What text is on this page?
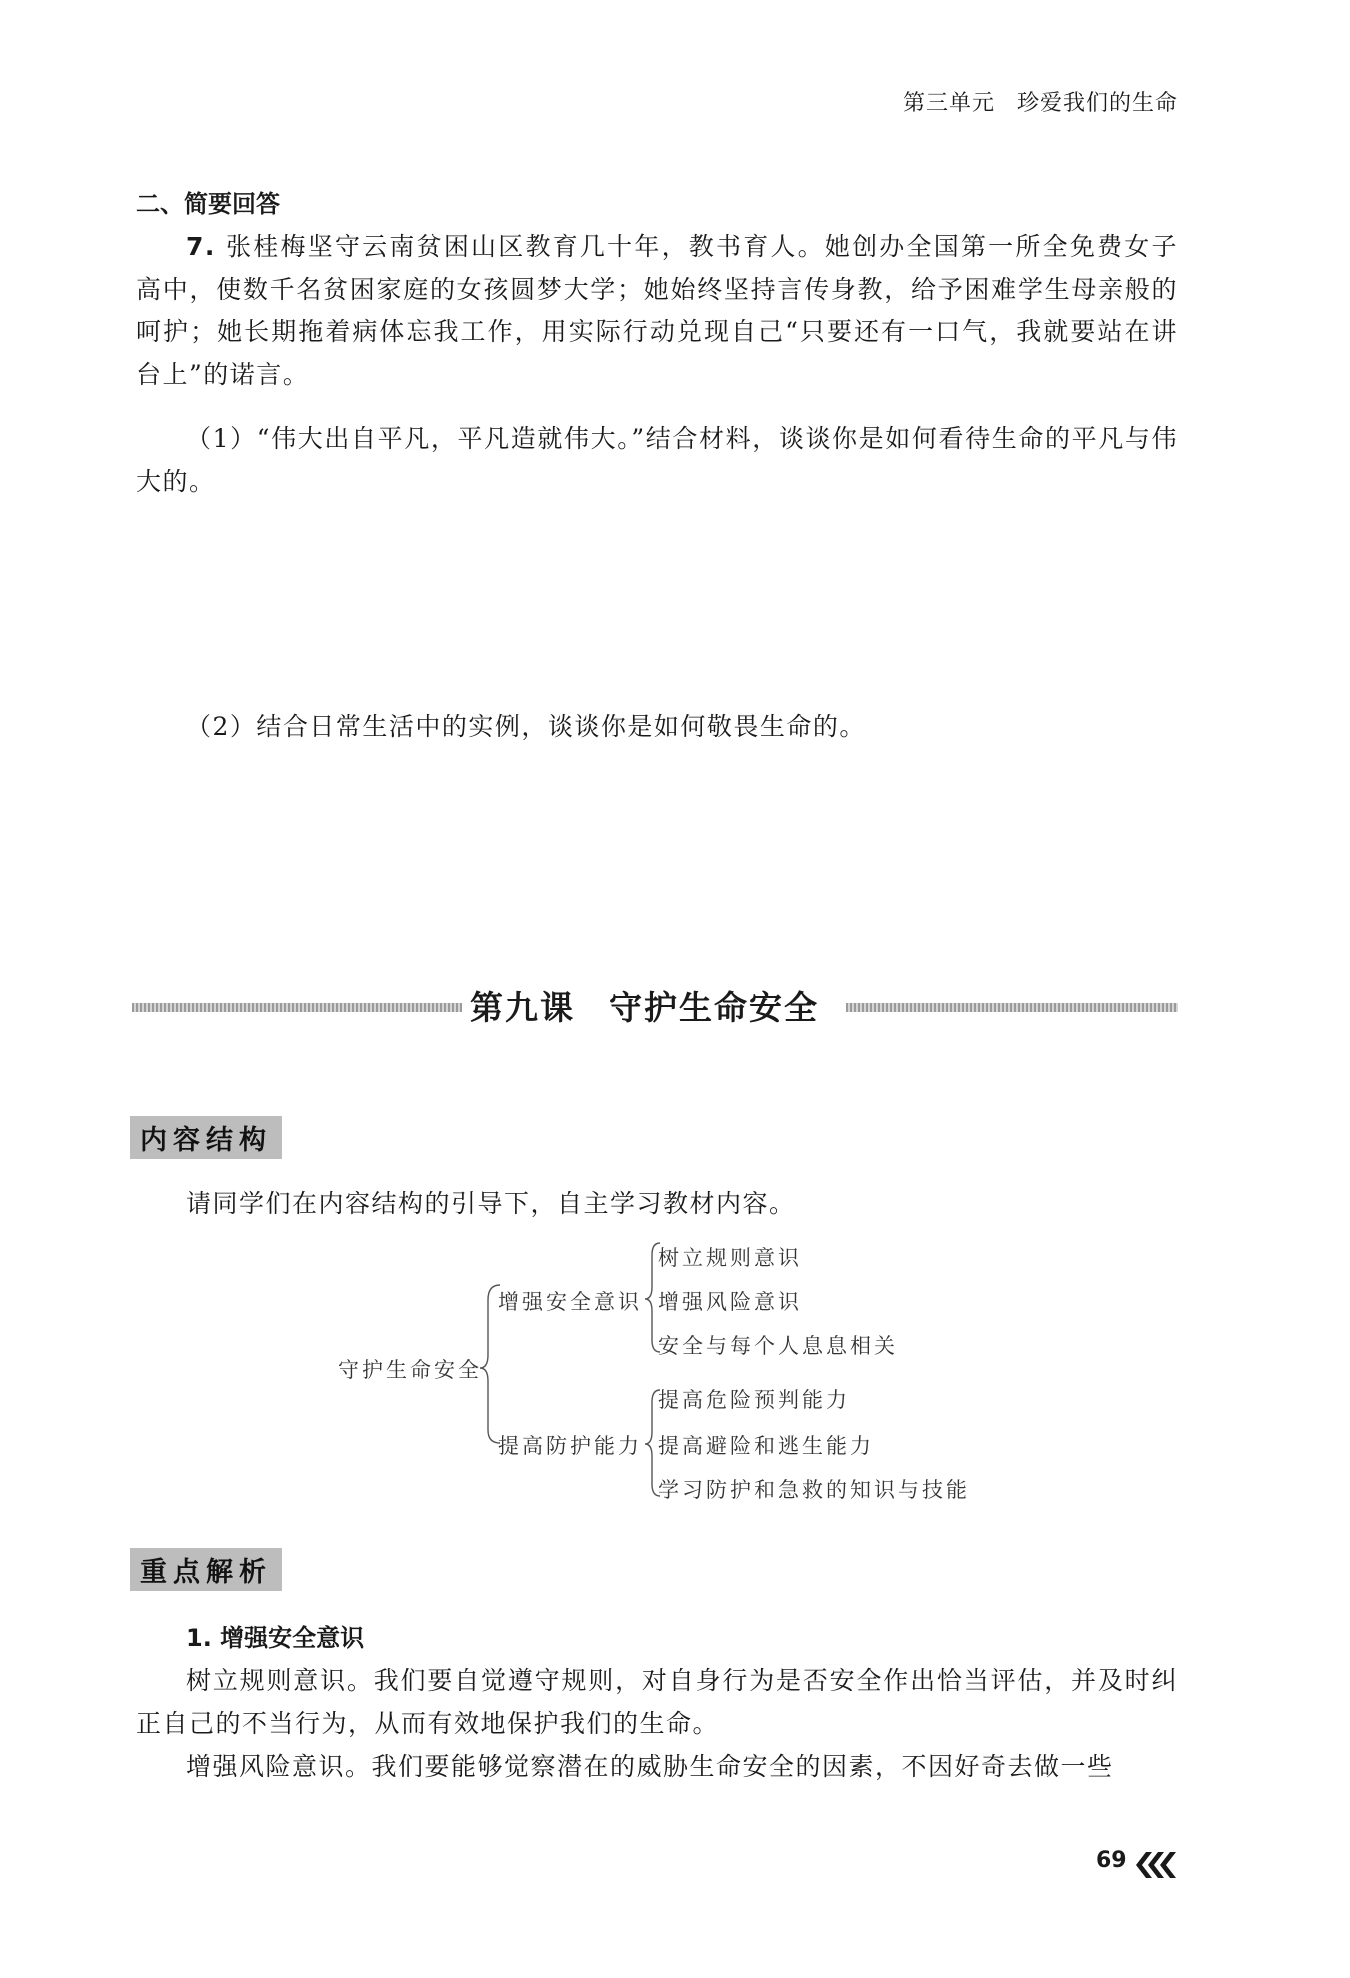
第三单元 珍爱我们的生命
二、简要回答
7. 张桂梅坚守云南贫困山区教育几十年，教书育人。她创办全国第一所全免费女子高中，使数千名贫困家庭的女孩圆梦大学；她始终坚持言传身教，给予困难学生母亲般的呵护；她长期拖着病体忘我工作，用实际行动兑现自己“只要还有一口气，我就要站在讲台上”的诺言。
（1）“伟大出自平凡，平凡造就伟大。”结合材料，谈谈你是如何看待生命的平凡与伟大的。
（2）结合日常生活中的实例，谈谈你是如何敬畏生命的。
第九课 守护生命安全
内容结构
请同学们在内容结构的引导下，自主学习教材内容。
守护生命安全
增强安全意识
树立规则意识
增强风险意识
安全与每个人息息相关
提高防护能力
提高危险预判能力
提高避险和逃生能力
学习防护和急救的知识与技能
重点解析
1. 增强安全意识
树立规则意识。我们要自觉遵守规则，对自身行为是否安全作出恰当评估，并及时纠正自己的不当行为，从而有效地保护我们的生命。
增强风险意识。我们要能够觉察潜在的威胁生命安全的因素，不因好奇去做一些
69
